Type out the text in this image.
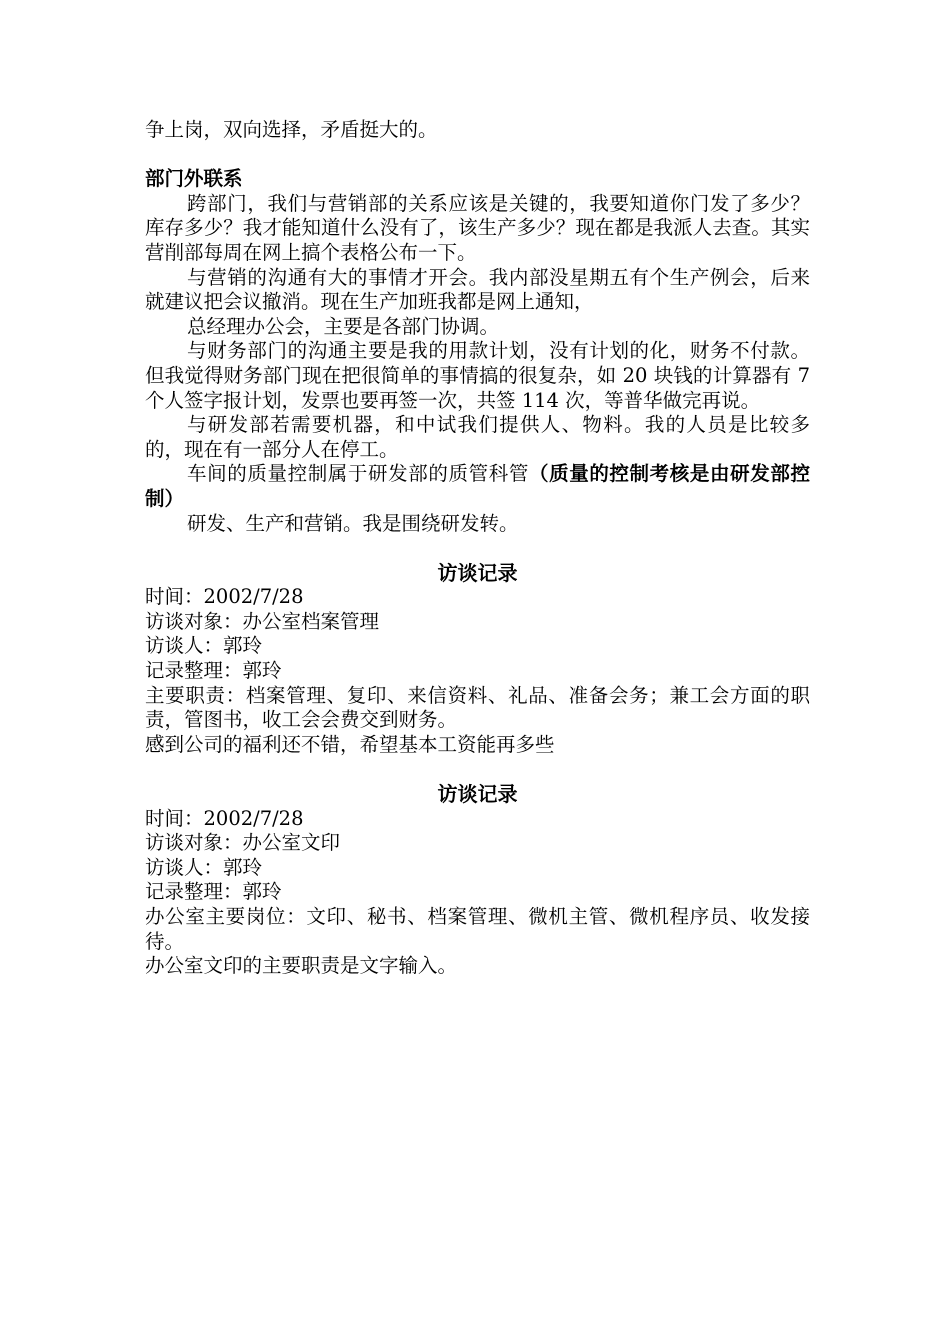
争上岗，双向选择，矛盾挺大的。

部门外联系

跨部门，我们与营销部的关系应该是关键的，我要知道你门发了多少？库存多少？我才能知道什么没有了，该生产多少？现在都是我派人去查。其实营削部每周在网上搞个表格公布一下。

与营销的沟通有大的事情才开会。我内部没星期五有个生产例会，后来就建议把会议撤消。现在生产加班我都是网上通知，

总经理办公会，主要是各部门协调。

与财务部门的沟通主要是我的用款计划，没有计划的化，财务不付款。但我觉得财务部门现在把很简单的事情搞的很复杂，如 20 块钱的计算器有 7 个人签字报计划，发票也要再签一次，共签 114 次，等普华做完再说。

与研发部若需要机器，和中试我们提供人、物料。我的人员是比较多的，现在有一部分人在停工。

车间的质量控制属于研发部的质管科管（质量的控制考核是由研发部控制）

研发、生产和营销。我是围绕研发转。

访谈记录

时间：2002/7/28

访谈对象：办公室档案管理

访谈人：郭玲

记录整理：郭玲

主要职责：档案管理、复印、来信资料、礼品、准备会务；兼工会方面的职责，管图书，收工会会费交到财务。

感到公司的福利还不错，希望基本工资能再多些

访谈记录

时间：2002/7/28

访谈对象：办公室文印

访谈人：郭玲

记录整理：郭玲

办公室主要岗位：文印、秘书、档案管理、微机主管、微机程序员、收发接待。

办公室文印的主要职责是文字输入。
